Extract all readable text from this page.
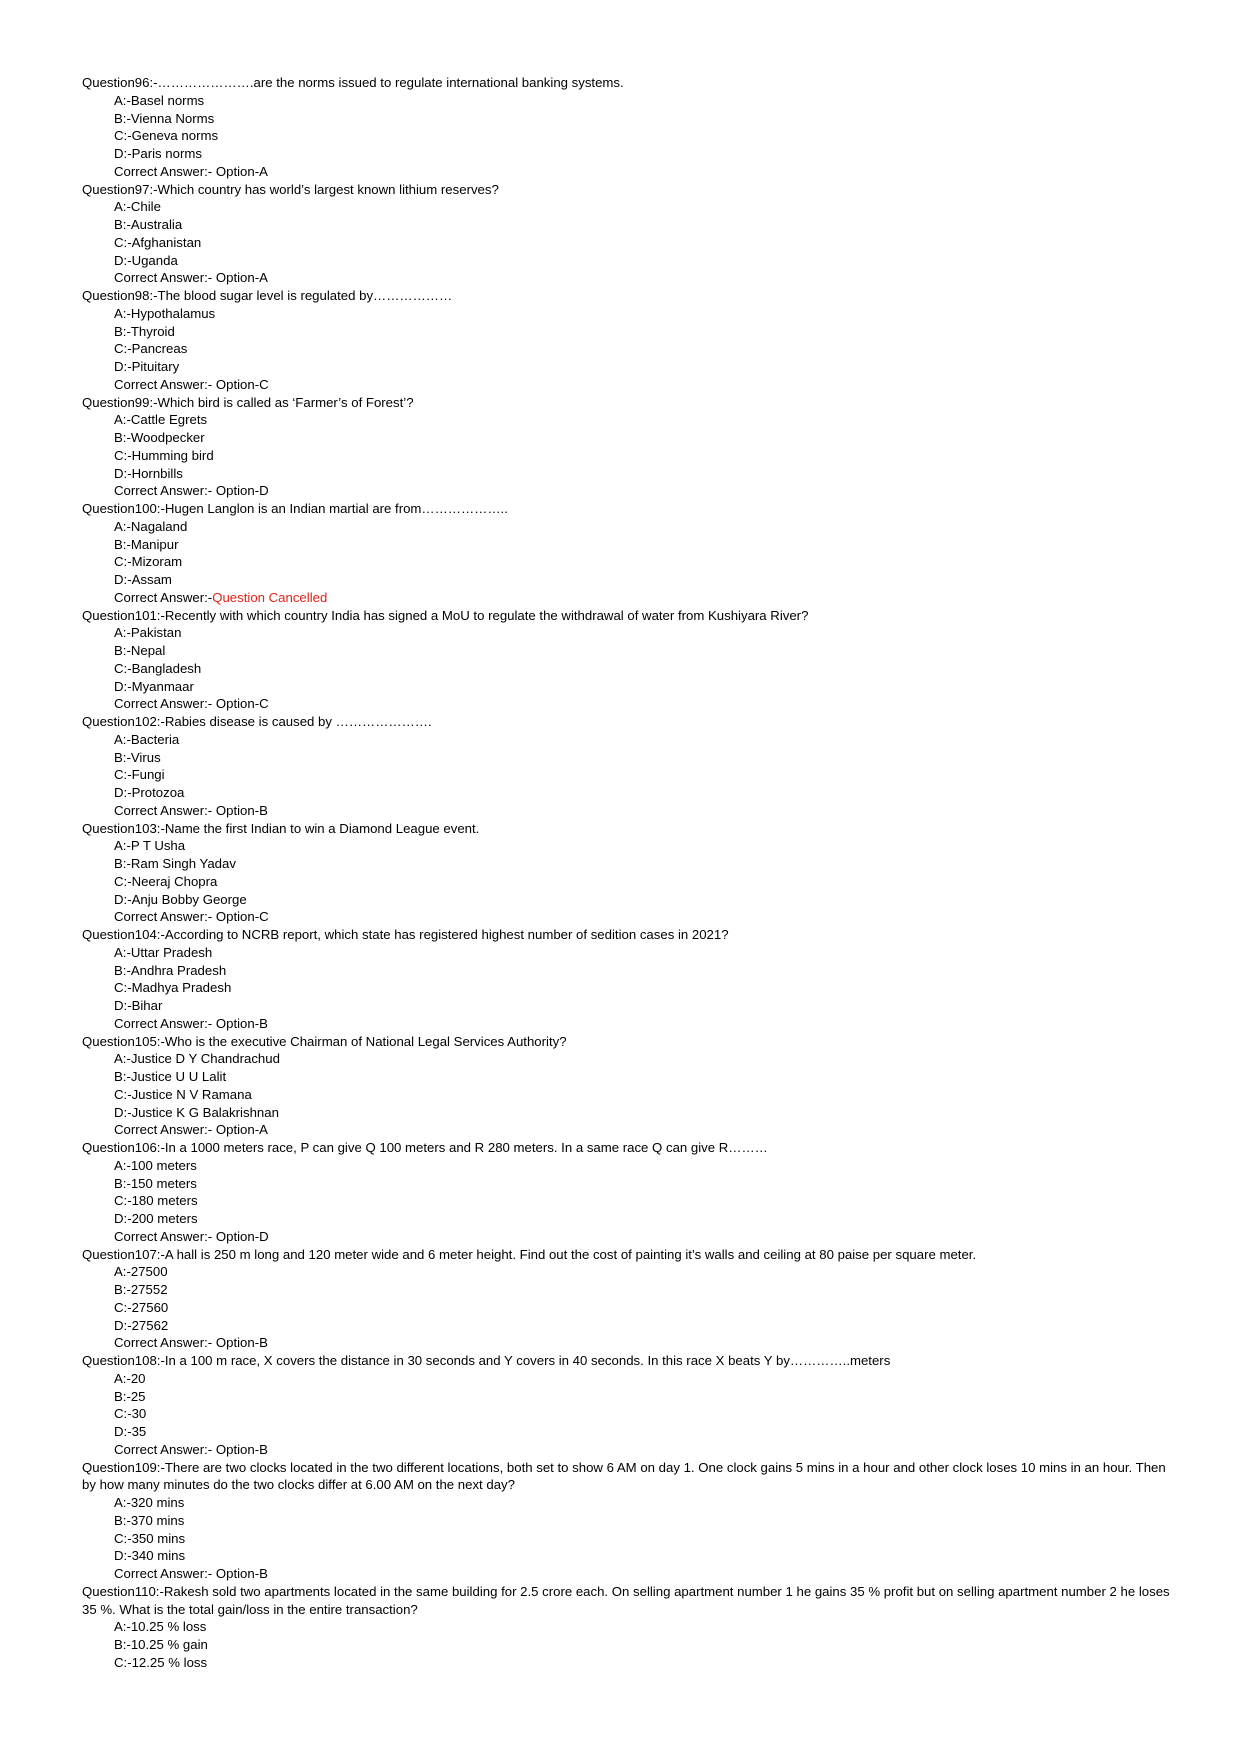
Question96:-………………….are the norms issued to regulate international banking systems.
A:-Basel norms
B:-Vienna Norms
C:-Geneva norms
D:-Paris norms
Correct Answer:- Option-A
Question97:-Which country has world’s largest known lithium reserves?
A:-Chile
B:-Australia
C:-Afghanistan
D:-Uganda
Correct Answer:- Option-A
Question98:-The blood sugar level is regulated by………………
A:-Hypothalamus
B:-Thyroid
C:-Pancreas
D:-Pituitary
Correct Answer:- Option-C
Question99:-Which bird is called as ‘Farmer’s of Forest’?
A:-Cattle Egrets
B:-Woodpecker
C:-Humming bird
D:-Hornbills
Correct Answer:- Option-D
Question100:-Hugen Langlon is an Indian martial are from………………..
A:-Nagaland
B:-Manipur
C:-Mizoram
D:-Assam
Correct Answer:-Question Cancelled
Question101:-Recently with which country India has signed a MoU to regulate the withdrawal of water from Kushiyara River?
A:-Pakistan
B:-Nepal
C:-Bangladesh
D:-Myanmaar
Correct Answer:- Option-C
Question102:-Rabies disease is caused by ………………….
A:-Bacteria
B:-Virus
C:-Fungi
D:-Protozoa
Correct Answer:- Option-B
Question103:-Name the first Indian to win a Diamond League event.
A:-P T Usha
B:-Ram Singh Yadav
C:-Neeraj Chopra
D:-Anju Bobby George
Correct Answer:- Option-C
Question104:-According to NCRB report, which state has registered highest number of sedition cases in 2021?
A:-Uttar Pradesh
B:-Andhra Pradesh
C:-Madhya Pradesh
D:-Bihar
Correct Answer:- Option-B
Question105:-Who is the executive Chairman of National Legal Services Authority?
A:-Justice D Y Chandrachud
B:-Justice U U Lalit
C:-Justice N V Ramana
D:-Justice K G Balakrishnan
Correct Answer:- Option-A
Question106:-In a 1000 meters race, P can give Q 100 meters and R 280 meters. In a same race Q can give R………
A:-100 meters
B:-150 meters
C:-180 meters
D:-200 meters
Correct Answer:- Option-D
Question107:-A hall is 250 m long and 120 meter wide and 6 meter height. Find out the cost of painting it’s walls and ceiling at 80 paise per square meter.
A:-27500
B:-27552
C:-27560
D:-27562
Correct Answer:- Option-B
Question108:-In a 100 m race, X covers the distance in 30 seconds and Y covers in 40 seconds. In this race X beats Y by…………..meters
A:-20
B:-25
C:-30
D:-35
Correct Answer:- Option-B
Question109:-There are two clocks located in the two different locations, both set to show 6 AM on day 1. One clock gains 5 mins in a hour and other clock loses 10 mins in an hour. Then by how many minutes do the two clocks differ at 6.00 AM on the next day?
A:-320 mins
B:-370 mins
C:-350 mins
D:-340 mins
Correct Answer:- Option-B
Question110:-Rakesh sold two apartments located in the same building for 2.5 crore each. On selling apartment number 1 he gains 35 % profit but on selling apartment number 2 he loses 35 %. What is the total gain/loss in the entire transaction?
A:-10.25 % loss
B:-10.25 % gain
C:-12.25 % loss
